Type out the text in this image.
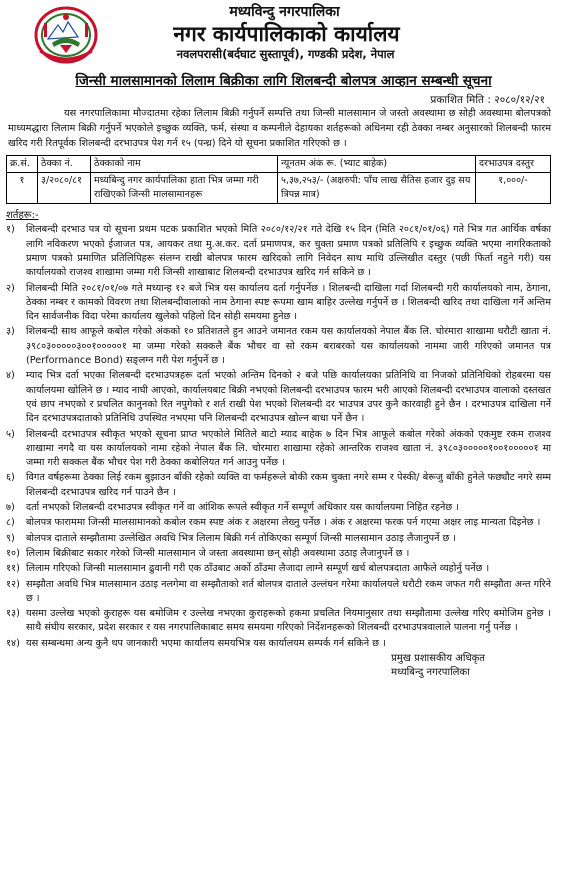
मध्यविन्दु नगरपालिका
नगर कार्यपालिकाको कार्यालय
नवलपरासी(बर्दघाट सुस्तापूर्व), गण्डकी प्रदेश, नेपाल
जिन्सी मालसामानको लिलाम बिक्रीका लागि शिलबन्दी बोलपत्र आव्हान सम्बन्धी सूचना
प्रकाशित मिति : २०८०/१२/२१

यस नगरपालिकामा मौज्दातमा रहेका लिलाम बिक्री गर्नुपर्ने सम्पत्ति तथा जिन्सी मालसामान जे जस्तो अवस्थामा छ सोही अवस्थामा बोलपत्रको माध्यमद्धारा लिलाम बिक्री गर्नुपर्ने भएकोले इच्छुक व्यक्ति, फर्म, संस्था व कम्पनीले देहायका शर्तहरूको अधिनमा रही ठेक्का नम्बर अनुसारको शिलबन्दी फारम खरिद गरी रितपूर्वक शिलबन्दी दरभाउपत्र पेश गर्न १५ (पन्ध्र) दिने यो सूचना प्रकाशित गरिएको छ ।

क्र.सं.	ठेक्का नं.	ठेक्काको नाम	न्यूनतम अंक रू. (भ्याट बाहेक)	दरभाउपत्र दस्तुर
१	३/२०८०/८१	मध्यबिन्दु नगर कार्यपालिका हाता भित्र जम्मा गरी राखिएको जिन्सी मालसामानहरू	५,३७,२५३/- (अक्षरुपी: पाँच लाख सैतिस हजार दुइ सय त्रिपन्न मात्र)	१,०००/-
शर्तहरू:-
१)	शिलबन्दी दरभाउ पत्र यो सूचना प्रथम पटक प्रकाशित भएको मिति २०८०/१२/२१ गते देखि १५ दिन (मिति २०८१/०१/०६) गते भित्र गत आर्थिक वर्षका लागि नविकरण भएको ईजाजत पत्र, आयकर तथा मु.अ.कर. दर्ता प्रमाणपत्र, कर चुक्ता प्रमाण पत्रको प्रतिलिपि र इच्छुक व्यक्ति भएमा नागरिकताको प्रमाण पत्रको प्रमाणित प्रतिलिपिहरू संलग्न राखी बोलपत्र फारम खरिदको लागि निवेदन साथ माथि उल्लिखीत दस्तुर (पछी फिर्ता नहुने गरी) यस कार्यालयको राजश्व शाखामा जम्मा गरी जिन्सी शाखाबाट शिलबन्दी दरभाउपत्र खरिद गर्न सकिने छ ।
२)	शिलबन्दी मिति २०८१/०१/०७ गते मध्यान्ह १२ बजे भित्र यस कार्यालय दर्ता गर्नुपर्नेछ । शिलबन्दी दाखिला गर्दा शिलबन्दी गरी कार्यालयको नाम, ठेगाना, ठेक्का नम्बर र कामको विवरण तथा शिलबन्दीवालाको नाम ठेगाना स्पष्ट रूपमा खाम बाहिर उल्लेख गर्नुपर्ने छ । शिलबन्दी खरिद तथा दाखिला गर्ने अन्तिम दिन सार्वजनीक विदा परेमा कार्यालय खुलेको पहिलो दिन सोही समयमा हुनेछ ।
३)	शिलबन्दी साथ आफूले कबोल गरेको अंकको १० प्रतिशतले हुन आउने जमानत रकम यस कार्यालयको नेपाल बैंक लि. चोरमारा शाखामा धरौटी खाता नं. ३९८०३०००००३००१०००००१ मा जम्मा गरेको सक्कलै बैंक भौचर वा सो रकम बराबरको यस कार्यालयको नाममा जारी गरिएको जमानत पत्र (Performance Bond) सङ्लग्न गरी पेश गर्नुपर्ने छ ।
४)	म्याद भित्र दर्ता भएका शिलबन्दी दरभाउपत्रहरू दर्ता भएको अन्तिम दिनको २ बजे पछि कार्यालयका प्रतिनिधि वा निजको प्रतिनिधिको रोहबरमा यस कार्यालयमा खोलिने छ । म्याद नाघी आएको, कार्यालयबाट बिक्री नभएको शिलबन्दी दरभाउपत्र फारम भरी आएको शिलबन्दी दरभाउपत्र वालाको दस्तखत एवं छाप नभएको र प्रचलित कानुनको रित नपुगेको र शर्त राखी पेश भएको शिलबन्दी दर भाउपत्र उपर कुनै कारवाही हुने छैन । दरभाउपत्र दाखिला गर्ने दिन दरभाउपत्रदाताको प्रतिनिधि उपस्थित नभएमा पनि शिलबन्दी दरभाउपत्र खोल्न बाधा पर्ने छैन ।
५)	शिलबन्दी दरभाउपत्र स्वीकृत भएको सूचना प्राप्त भएकोले मितिले बाटो म्याद बाहेक ७ दिन भित्र आफूले कबोल गरेको अंकको एकमुष्ट रकम राजश्व शाखामा नगदै वा यस कार्यालयको नामा रहेको नेपाल बैंक लि. चोरमारा शाखामा रहेको आन्तरिक राजश्व खाता नं. ३९८०३०००००१००१०००००१ मा जम्मा गरी सक्कल बैंक भौचर पेश गरी ठेक्का कबोलियत गर्न आउनु पर्नेछ ।
६)	विगत वर्षहरूमा ठेक्का लिई रकम बुझाउन बाँकी रहेको व्यक्ति वा फर्महरूले बोकी रकम चुक्ता नगरे सम्म र पेस्की/ बेरूजु बाँकी हुनेले फछ्यौट नगरे सम्म शिलबन्दी दरभाउपत्र खरिद गर्न पाउने छैन ।
७)	दर्ता नभएको शिलबन्दी दरभाउपत्र स्वीकृत गर्ने वा आंशिक रूपले स्वीकृत गर्ने सम्पूर्ण अधिकार यस कार्यालयमा निहित रहनेछ ।
८)	बोलपत्र फाराममा जिन्सी मालसामानको कबोल रकम स्पष्ट अंक र अक्षरमा लेख्नु पर्नेछ । अंक र अक्षरमा फरक पर्न गएमा अक्षर लाइ मान्यता दिइनेछ ।
९)	बोलपत्र दाताले सम्झौतामा उल्लेखित अवधि भित्र लिलाम बिक्री गर्न तोकिएका सम्पूर्ण जिन्सी मालसामान उठाइ लैजानुपर्ने छ ।
१०) लिलाम बिक्रीबाट सकार गरेको जिन्सी मालसामान जे जस्ता अवस्थामा छन् सोही अवस्थामा उठाइ लैजानुपर्ने छ ।
११) लिलाम गरिएको जिन्सी मालसामान ढुवानी गरी एक ठाँउबाट अर्को ठाँउमा लैजादा लाग्ने सम्पूर्ण खर्च बोलपत्रदाता आफैले व्यहोर्नु पर्नेछ ।
१२) सम्झौता अवधि भित्र मालसामान उठाइ नलगेमा वा सम्झौताको शर्त बोलपत्र दाताले उल्लंघन गरेमा कार्यालयले धरौटी रकम जफत गरी सम्झौता अन्त गरिने छ ।
१३) यसमा उल्लेख भएको कुराहरू यस बमोजिम र उल्लेख नभएका कुराहरूको हकमा प्रचलित नियमानुसार तथा सम्झौतामा उल्लेख गरिए बमोजिम हुनेछ । साथै संघीय सरकार, प्रदेश सरकार र यस नगरपालिकाबाट समय समयमा गरिएको निर्देशनहरूको शिलबन्दी दरभाउपत्रवालाले पालना गर्नु पर्नेछ ।
१४) यस सम्बन्धमा अन्य कुनै थप जानकारी भएमा कार्यालय समयभित्र यस कार्यालयम सम्पर्क गर्न सकिने छ ।
प्रमुख प्रशासकीय अधिकृत
मध्यबिन्दु नगरपालिका
